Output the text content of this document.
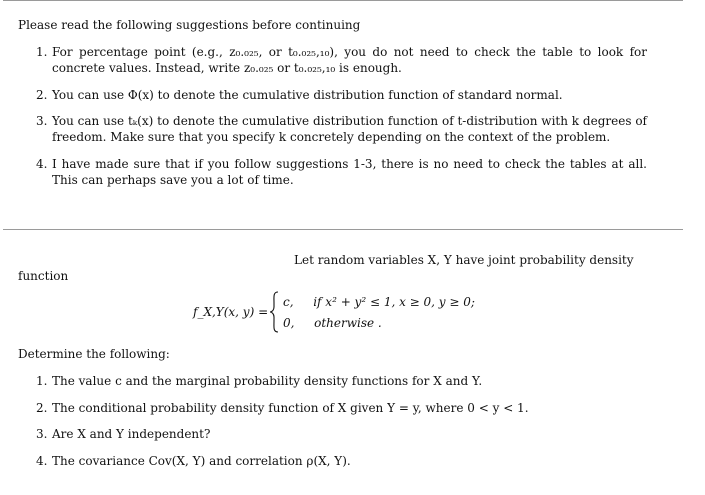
Please read the following suggestions before continuing
1. For percentage point (e.g., z₀.₀₂₅, or t₀.₀₂₅,₁₀), you do not need to check the table to look for concrete values. Instead, write z₀.₀₂₅ or t₀.₀₂₅,₁₀ is enough.
2. You can use Φ(x) to denote the cumulative distribution function of standard normal.
3. You can use tₖ(x) to denote the cumulative distribution function of t-distribution with k degrees of freedom. Make sure that you specify k concretely depending on the context of the problem.
4. I have made sure that if you follow suggestions 1-3, there is no need to check the tables at all. This can perhaps save you a lot of time.
Let random variables X, Y have joint probability density
function
f_X,Y(x, y) =
c, if x² + y² ≤ 1, x ≥ 0, y ≥ 0;
0, otherwise .
Determine the following:
1. The value c and the marginal probability density functions for X and Y.
2. The conditional probability density function of X given Y = y, where 0 < y < 1.
3. Are X and Y independent?
4. The covariance Cov(X, Y) and correlation ρ(X, Y).
